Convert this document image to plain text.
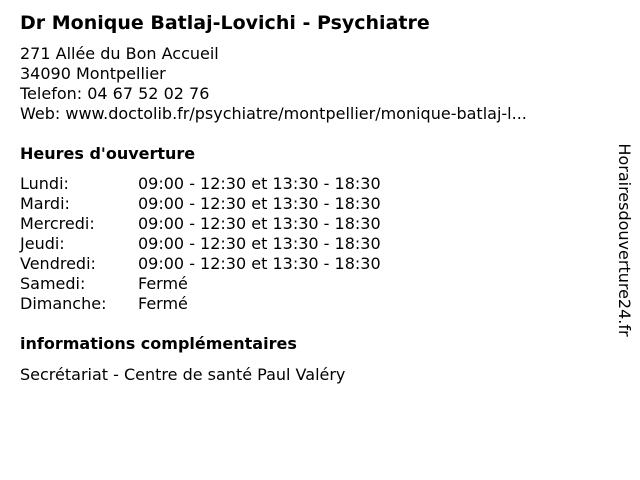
Dr Monique Batlaj-Lovichi - Psychiatre
271 Allée du Bon Accueil
34090 Montpellier
Telefon: 04 67 52 02 76
Web: www.doctolib.fr/psychiatre/montpellier/monique-batlaj-l...
Heures d'ouverture
Lundi:	09:00 - 12:30 et 13:30 - 18:30
Mardi:	09:00 - 12:30 et 13:30 - 18:30
Mercredi:	09:00 - 12:30 et 13:30 - 18:30
Jeudi:	09:00 - 12:30 et 13:30 - 18:30
Vendredi:	09:00 - 12:30 et 13:30 - 18:30
Samedi:	Fermé
Dimanche: Fermé
informations complémentaires
Secrétariat - Centre de santé Paul Valéry
Horairesdouverture24.fr
